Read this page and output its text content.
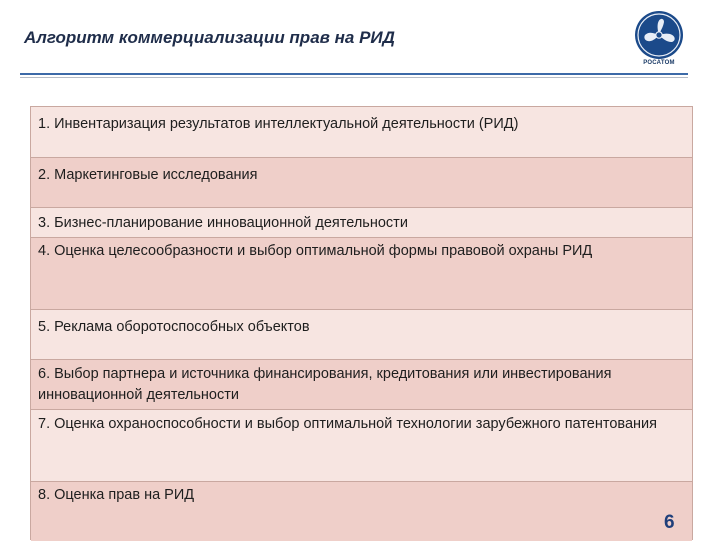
Алгоритм коммерциализации прав на РИД
РОСАТОМ
1. Инвентаризация результатов интеллектуальной деятельности (РИД)
2. Маркетинговые исследования
3. Бизнес-планирование инновационной деятельности
4. Оценка целесообразности и выбор оптимальной формы правовой охраны РИД
5. Реклама оборотоспособных объектов
6. Выбор партнера и источника финансирования, кредитования или инвестирования инновационной деятельности
7. Оценка охраноспособности и выбор оптимальной технологии зарубежного патентования
8. Оценка прав на РИД
6
